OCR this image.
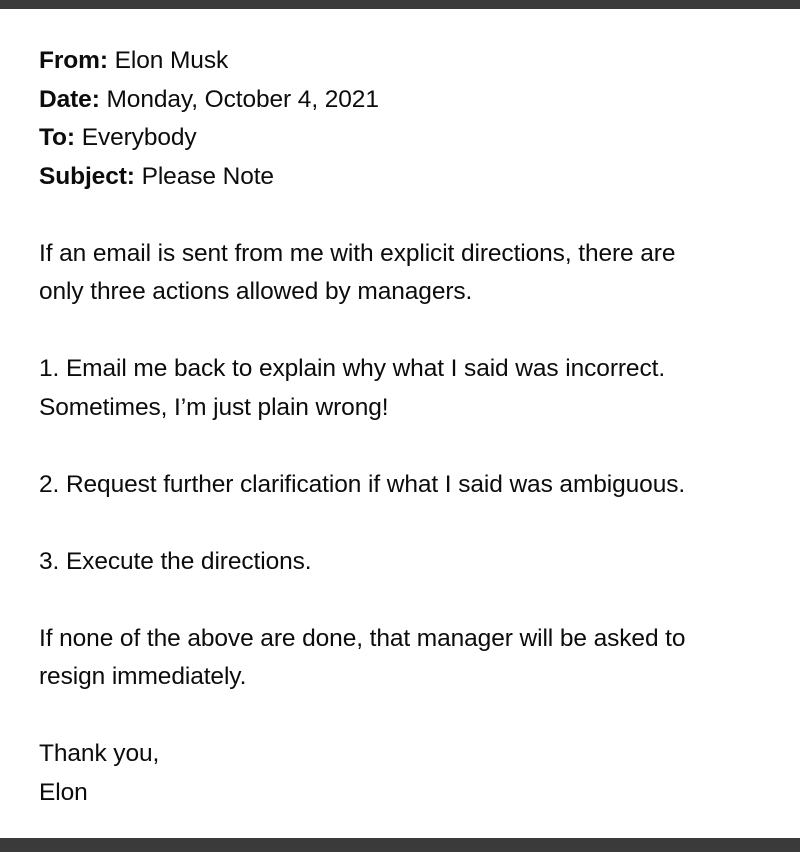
From: Elon Musk
Date: Monday, October 4, 2021
To: Everybody
Subject: Please Note
If an email is sent from me with explicit directions, there are
only three actions allowed by managers.
1. Email me back to explain why what I said was incorrect.
Sometimes, I’m just plain wrong!
2. Request further clarification if what I said was ambiguous.
3. Execute the directions.
If none of the above are done, that manager will be asked to
resign immediately.
Thank you,
Elon
